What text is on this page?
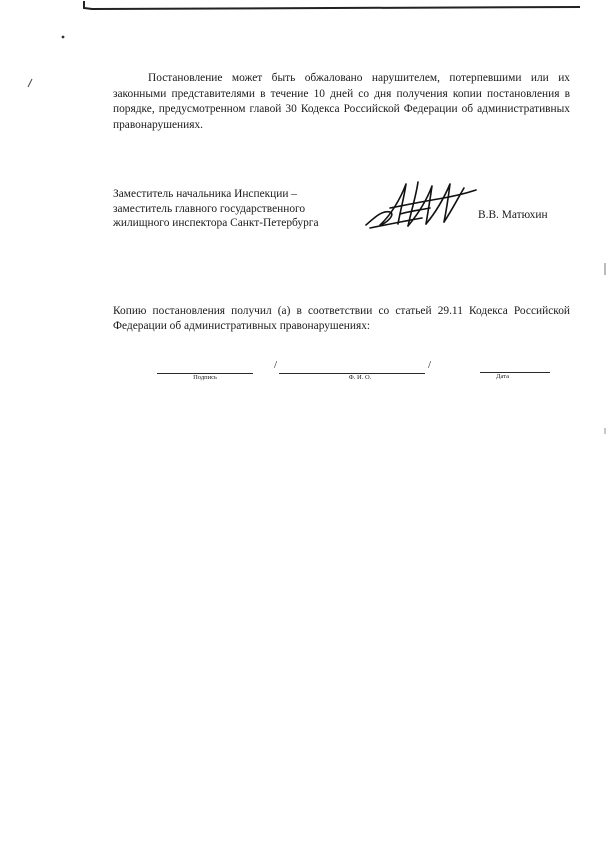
Постановление может быть обжаловано нарушителем, потерпевшими или их законными представителями в течение 10 дней со дня получения копии постановления в порядке, предусмотренном главой 30 Кодекса Российской Федерации об административных правонарушениях.

Заместитель начальника Инспекции –
заместитель главного государственного
жилищного инспектора Санкт-Петербурга
В.В. Матюхин

Копию постановления получил (а) в соответствии со статьей 29.11 Кодекса Российской Федерации об административных правонарушениях:

Подпись
/	/
Ф. И. О.	Дата
